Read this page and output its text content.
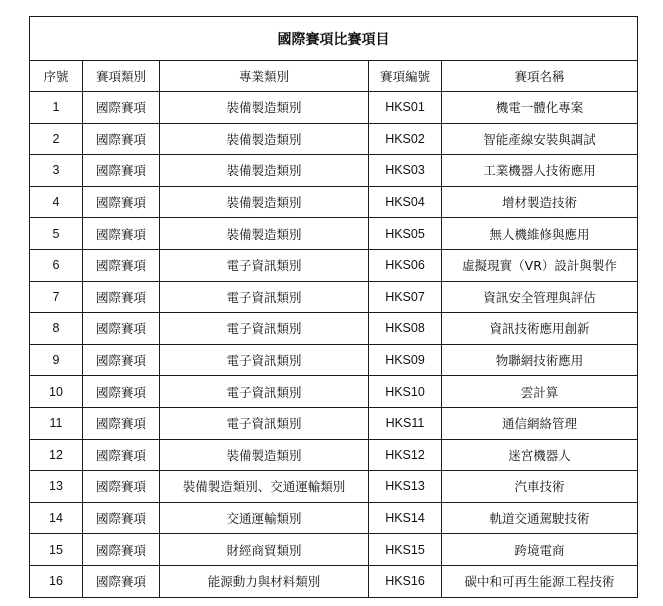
國際賽項比賽項目				
序號	賽項類別	專業類別	賽項編號	賽項名稱
1	國際賽項	裝備製造類別	HKS01	機電一體化專案
2	國際賽項	裝備製造類別	HKS02	智能產線安裝與調試
3	國際賽項	裝備製造類別	HKS03	工業機器人技術應用
4	國際賽項	裝備製造類別	HKS04	增材製造技術
5	國際賽項	裝備製造類別	HKS05	無人機維修與應用
6	國際賽項	電子資訊類別	HKS06	虛擬現實（VR）設計與製作
7	國際賽項	電子資訊類別	HKS07	資訊安全管理與評估
8	國際賽項	電子資訊類別	HKS08	資訊技術應用創新
9	國際賽項	電子資訊類別	HKS09	物聯網技術應用
10	國際賽項	電子資訊類別	HKS10	雲計算
11	國際賽項	電子資訊類別	HKS11	通信網絡管理
12	國際賽項	裝備製造類別	HKS12	迷宮機器人
13	國際賽項	裝備製造類別、交通運輸類別	HKS13	汽車技術
14	國際賽項	交通運輸類別	HKS14	軌道交通駕駛技術
15	國際賽項	財經商貿類別	HKS15	跨境電商
16	國際賽項	能源動力與材料類別	HKS16	碳中和可再生能源工程技術
